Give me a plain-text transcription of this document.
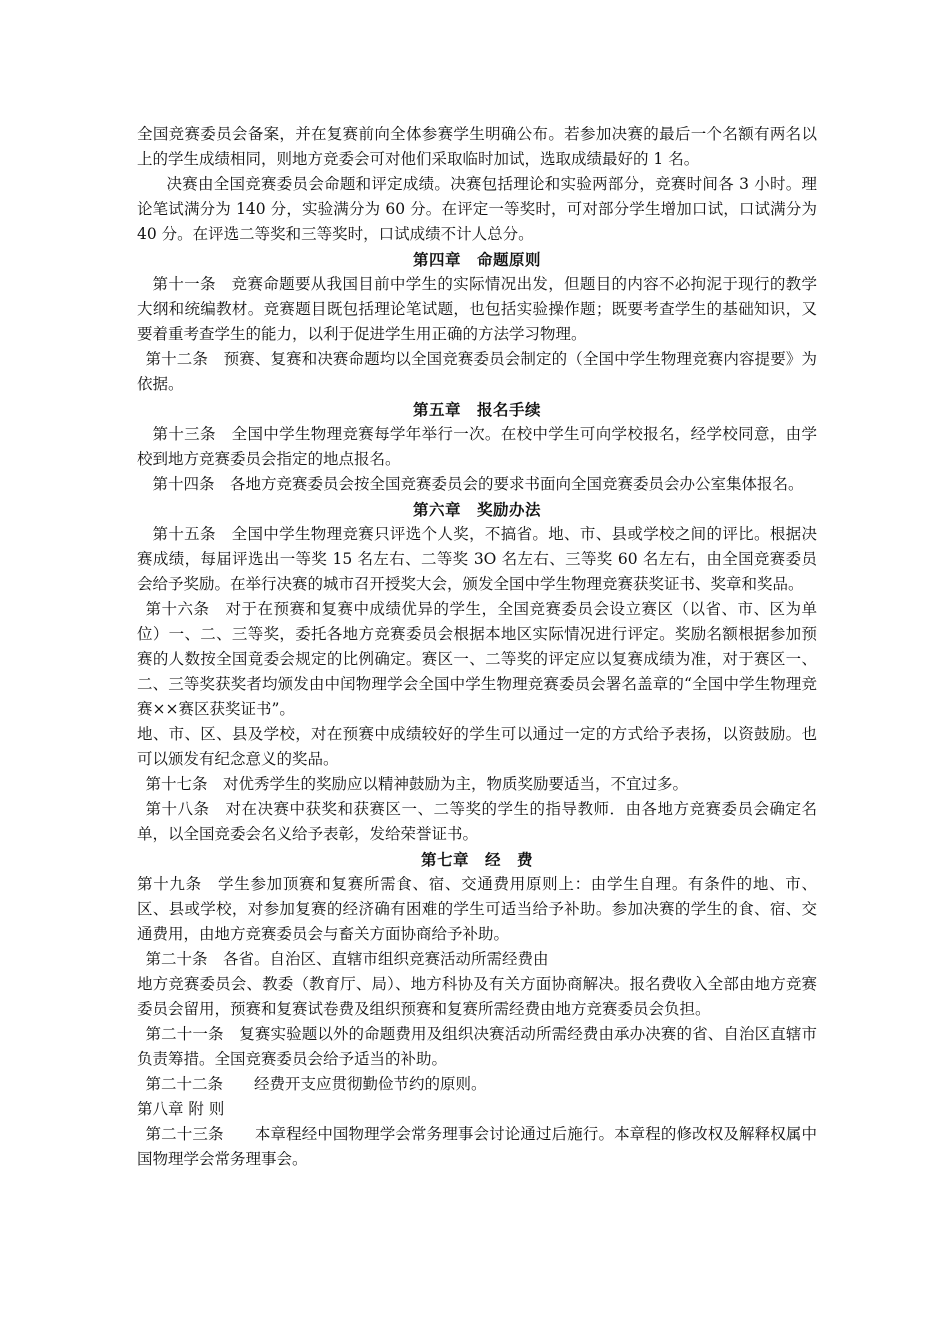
全国竞赛委员会备案，并在复赛前向全体参赛学生明确公布。若参加决赛的最后一个名额有两名以上的学生成绩相同，则地方竞委会可对他们采取临时加试，选取成绩最好的 1 名。

决赛由全国竞赛委员会命题和评定成绩。决赛包括理论和实验两部分，竞赛时间各 3 小时。理论笔试满分为 140 分，实验满分为 60 分。在评定一等奖时，可对部分学生增加口试，口试满分为 40 分。在评选二等奖和三等奖时，口试成绩不计人总分。

第四章　命题原则

第十一条　竞赛命题要从我国目前中学生的实际情况出发，但题目的内容不必拘泥于现行的教学大纲和统编教材。竞赛题目既包括理论笔试题，也包括实验操作题；既要考查学生的基础知识，又要着重考查学生的能力，以利于促进学生用正确的方法学习物理。

第十二条　预赛、复赛和决赛命题均以全国竞赛委员会制定的（全国中学生物理竞赛内容提要》为依据。

第五章　报名手续

第十三条　全国中学生物理竞赛每学年举行一次。在校中学生可向学校报名，经学校同意，由学校到地方竞赛委员会指定的地点报名。

第十四条　各地方竞赛委员会按全国竞赛委员会的要求书面向全国竞赛委员会办公室集体报名。

第六章　奖励办法

第十五条　全国中学生物理竞赛只评选个人奖，不搞省。地、市、县或学校之间的评比。根据决赛成绩，每届评选出一等奖 15 名左右、二等奖 3O 名左右、三等奖 60 名左右，由全国竞赛委员会给予奖励。在举行决赛的城市召开授奖大会，颁发全国中学生物理竞赛获奖证书、奖章和奖品。

第十六条　对于在预赛和复赛中成绩优异的学生，全国竞赛委员会设立赛区（以省、市、区为单位）一、二、三等奖，委托各地方竞赛委员会根据本地区实际情况进行评定。奖励名额根据参加预赛的人数按全国竟委会规定的比例确定。赛区一、二等奖的评定应以复赛成绩为准，对于赛区一、二、三等奖获奖者均颁发由中闰物理学会全国中学生物理竞赛委员会署名盖章的“全国中学生物理竞赛××赛区获奖证书”。

地、市、区、县及学校，对在预赛中成绩较好的学生可以通过一定的方式给予表扬，以资鼓励。也可以颁发有纪念意义的奖品。

第十七条　对优秀学生的奖励应以精神鼓励为主，物质奖励要适当，不宜过多。

第十八条　对在决赛中获奖和获赛区一、二等奖的学生的指导教师．由各地方竞赛委员会确定名单，以全国竞委会名义给予表彰，发给荣誉证书。

第七章　经　费

第十九条　学生参加顶赛和复赛所需食、宿、交通费用原则上：由学生自理。有条件的地、市、区、县或学校，对参加复赛的经济确有困难的学生可适当给予补助。参加决赛的学生的食、宿、交通费用，由地方竞赛委员会与畜关方面协商给予补助。

第二十条　各省。自治区、直辖市组织竞赛活动所需经费由

地方竞赛委员会、教委（教育厅、局）、地方科协及有关方面协商解决。报名费收入全部由地方竞赛委员会留用，预赛和复赛试卷费及组织预赛和复赛所需经费由地方竞赛委员会负担。

第二十一条　复赛实验题以外的命题费用及组织决赛活动所需经费由承办决赛的省、自治区直辖市负责筹措。全国竞赛委员会给予适当的补助。

第二十二条　　经费开支应贯彻勤俭节约的原则。

第八章 附 则

第二十三条　　本章程经中国物理学会常务理事会讨论通过后施行。本章程的修改权及解释权属中国物理学会常务理事会。
